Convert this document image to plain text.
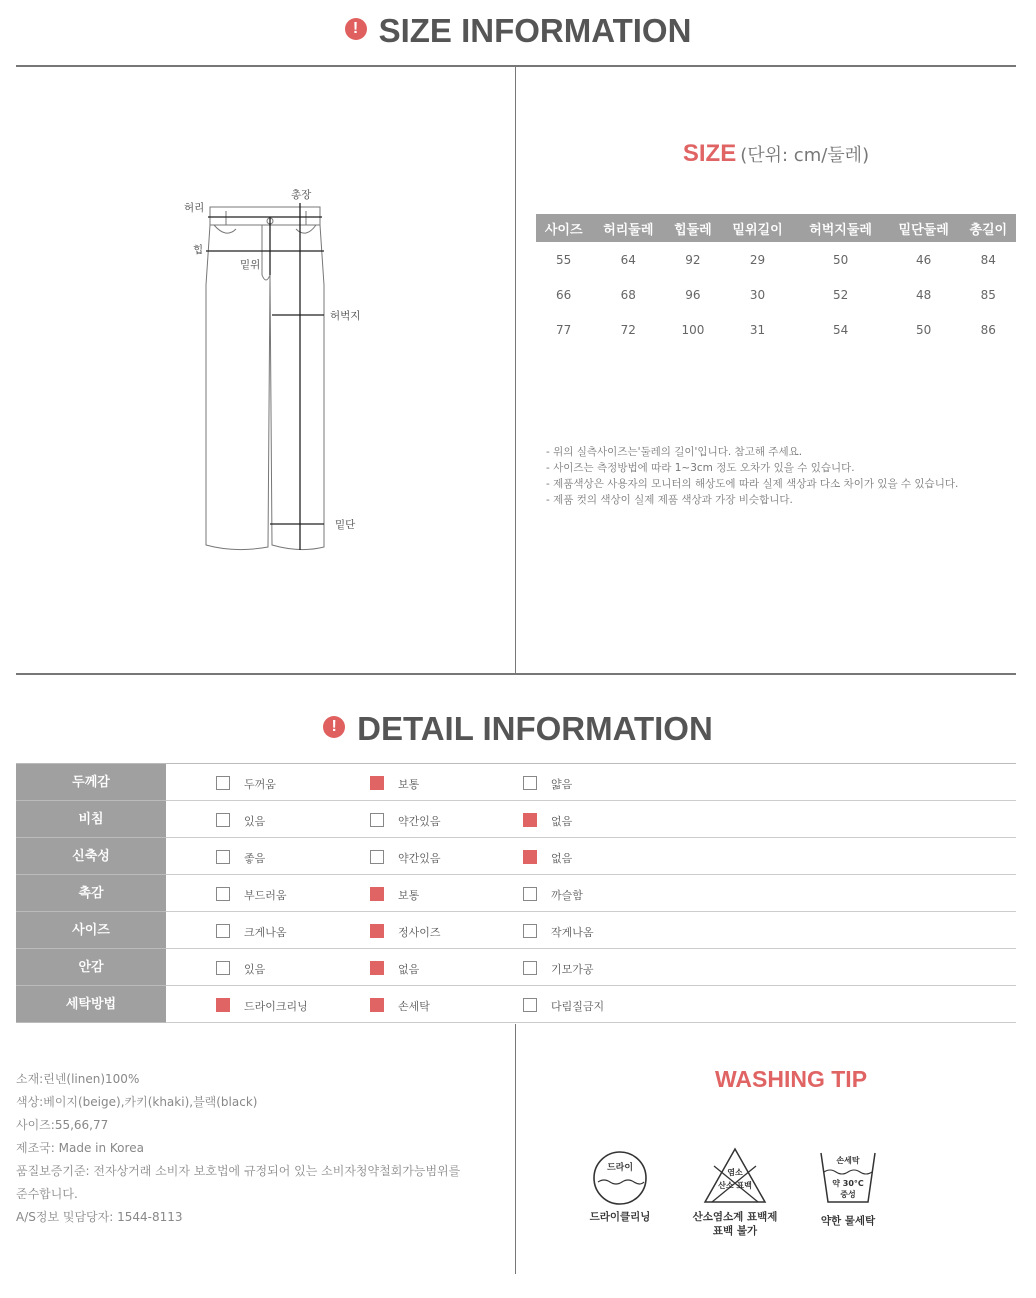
! SIZE INFORMATION
허리
총장
힙
밑위
허벅지
밑단
SIZE (단위: cm/둘레)
사이즈	허리둘레	힙둘레	밑위길이	허벅지둘레	밑단둘레	총길이
55	64	92	29	50	46	84
66	68	96	30	52	48	85
77	72	100	31	54	50	86
- 위의 실측사이즈는'둘레의 길이'입니다. 참고해 주세요.
- 사이즈는 측정방법에 따라 1~3cm 정도 오차가 있을 수 있습니다.
- 제품색상은 사용자의 모니터의 해상도에 따라 실제 색상과 다소 차이가 있을 수 있습니다.
- 제품 컷의 색상이 실제 제품 색상과 가장 비슷합니다.
! DETAIL INFORMATION
두께감	두꺼움	보통	얇음
비침	있음	약간있음	없음
신축성	좋음	약간있음	없음
촉감	부드러움	보통	까슬함
사이즈	크게나옴	정사이즈	작게나옴
안감	있음	없음	기모가공
세탁방법	드라이크리닝	손세탁	다림질금지
소재:린넨(linen)100%
색상:베이지(beige),카키(khaki),블랙(black)
사이즈:55,66,77
제조국: Made in Korea
품질보증기준: 전자상거래 소비자 보호법에 규정되어 있는 소비자청약철회가능범위를
준수합니다.
A/S정보 및담당자: 1544-8113
WASHING TIP
드라이
드라이클리닝
염소
산소 표백
산소염소계 표백제
표백 불가
손세탁
약 30°C
중성
약한 물세탁
